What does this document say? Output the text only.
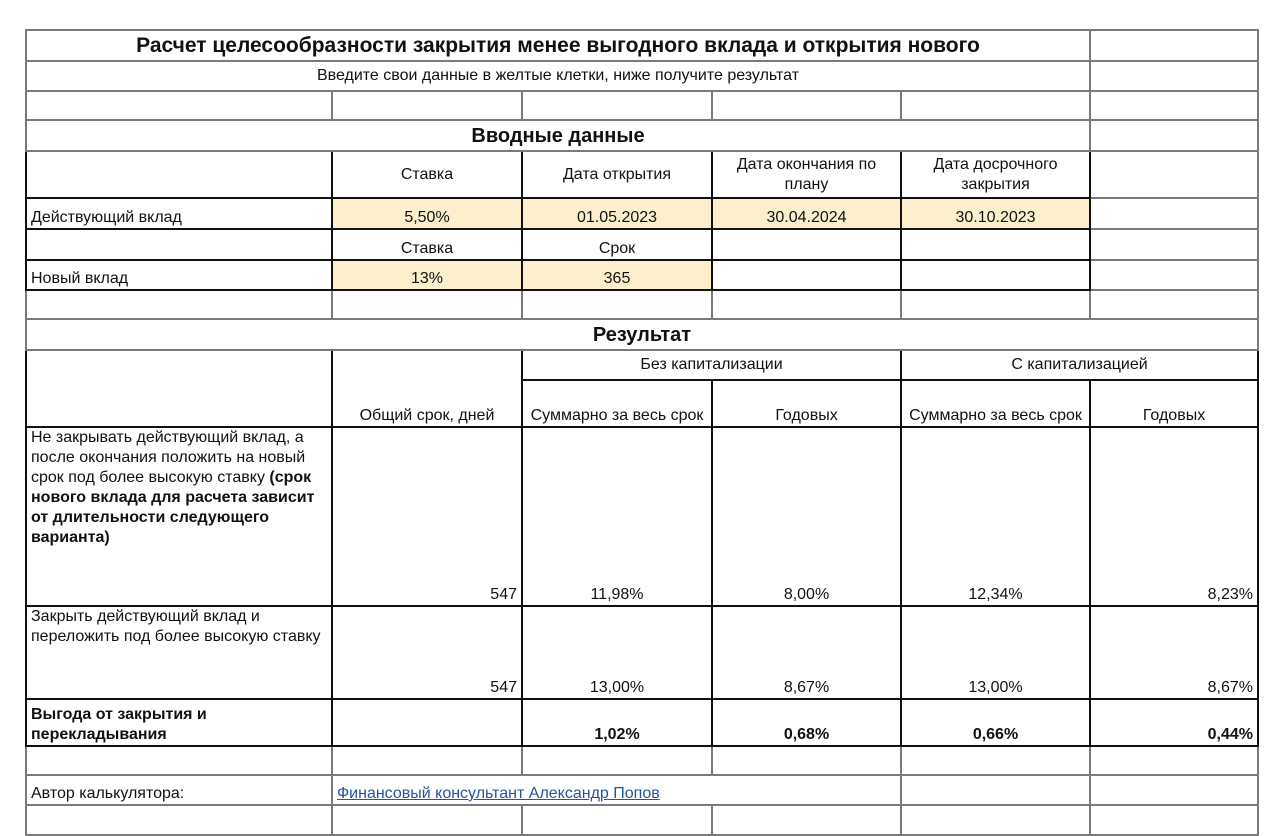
Расчет целесообразности закрытия менее выгодного вклада и открытия нового					
Введите свои данные в желтые клетки, ниже получите результат					

Вводные данные					
	Ставка	Дата открытия	Дата окончания по плану	Дата досрочного закрытия	
Действующий вклад	5,50%	01.05.2023	30.04.2024	30.10.2023	
	Ставка	Срок			
Новый вклад	13%	365			

Результат					
	Общий срок, дней	Без капитализации		С капитализацией	
		Суммарно за весь срок	Годовых	Суммарно за весь срок	Годовых
Не закрывать действующий вклад, а после окончания положить на новый срок под более высокую ставку (срок нового вклада для расчета зависит от длительности следующего варианта)	547	11,98%	8,00%	12,34%	8,23%
Закрыть действующий вклад и переложить под более высокую ставку	547	13,00%	8,67%	13,00%	8,67%
Выгода от закрытия и перекладывания		1,02%	0,68%	0,66%	0,44%

Автор калькулятора:	Финансовый консультант Александр Попов				
